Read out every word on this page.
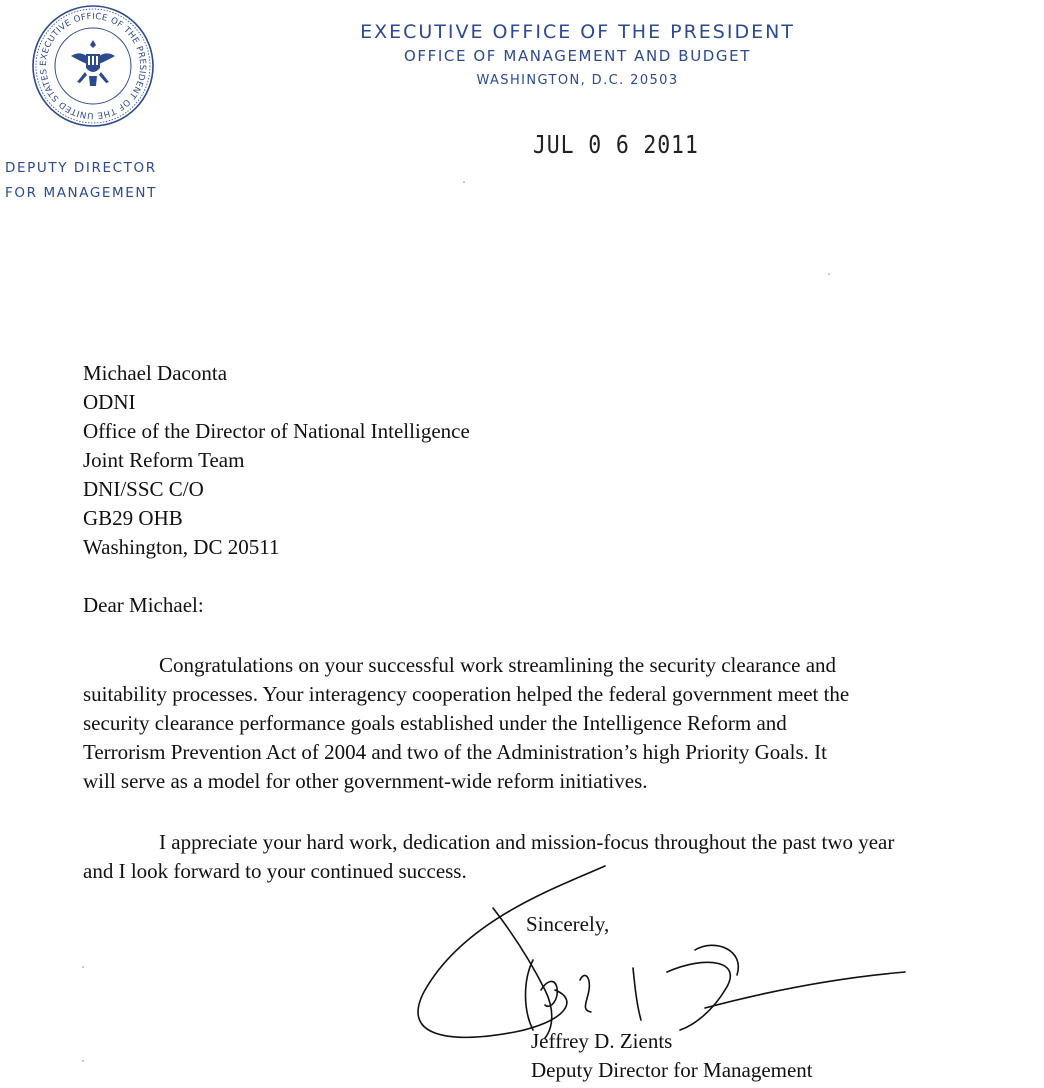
EXECUTIVE OFFICE OF THE PRESIDENT OF THE UNITED STATES
EXECUTIVE OFFICE OF THE PRESIDENT
OFFICE OF MANAGEMENT AND BUDGET
WASHINGTON, D.C. 20503
DEPUTY DIRECTOR
FOR MANAGEMENT
JUL 0 6 2011
Michael Daconta
ODNI
Office of the Director of National Intelligence
Joint Reform Team
DNI/SSC C/O
GB29 OHB
Washington, DC 20511
Dear Michael:
Congratulations on your successful work streamlining the security clearance and
suitability processes. Your interagency cooperation helped the federal government meet the
security clearance performance goals established under the Intelligence Reform and
Terrorism Prevention Act of 2004 and two of the Administration’s high Priority Goals. It
will serve as a model for other government-wide reform initiatives.
I appreciate your hard work, dedication and mission-focus throughout the past two year
and I look forward to your continued success.
Sincerely,
Jeffrey D. Zients
Deputy Director for Management
